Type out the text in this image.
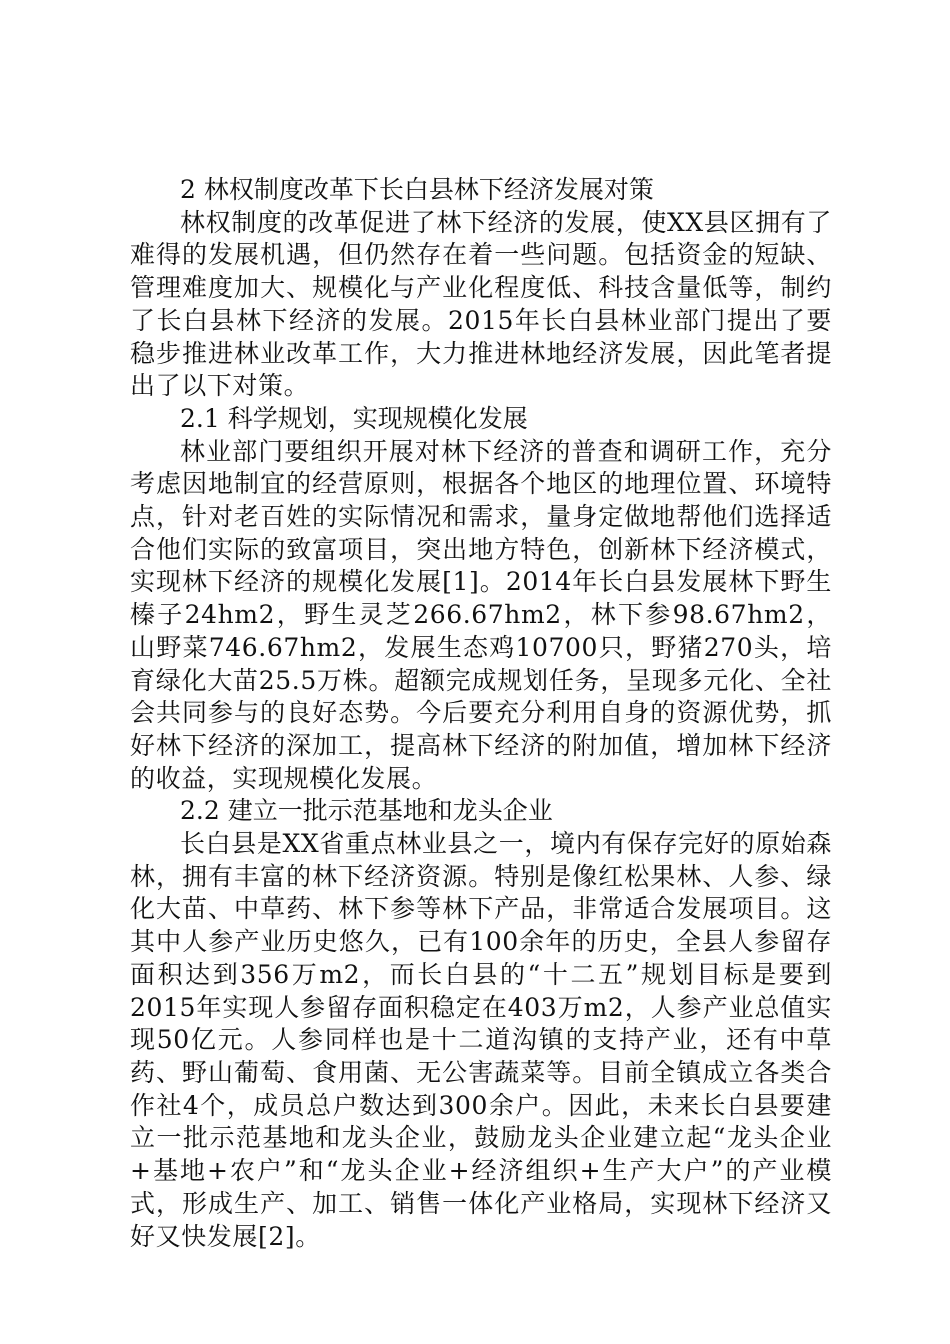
2 林权制度改革下长白县林下经济发展对策

林权制度的改革促进了林下经济的发展，使XX县区拥有了难得的发展机遇，但仍然存在着一些问题。包括资金的短缺、管理难度加大、规模化与产业化程度低、科技含量低等，制约了长白县林下经济的发展。2015年长白县林业部门提出了要稳步推进林业改革工作，大力推进林地经济发展，因此笔者提出了以下对策。

2.1 科学规划，实现规模化发展

林业部门要组织开展对林下经济的普查和调研工作，充分考虑因地制宜的经营原则，根据各个地区的地理位置、环境特点，针对老百姓的实际情况和需求，量身定做地帮他们选择适合他们实际的致富项目，突出地方特色，创新林下经济模式，实现林下经济的规模化发展[1]。2014年长白县发展林下野生榛子24hm2，野生灵芝266.67hm2，林下参98.67hm2，山野菜746.67hm2，发展生态鸡10700只，野猪270头，培育绿化大苗25.5万株。超额完成规划任务，呈现多元化、全社会共同参与的良好态势。今后要充分利用自身的资源优势，抓好林下经济的深加工，提高林下经济的附加值，增加林下经济的收益，实现规模化发展。

2.2 建立一批示范基地和龙头企业

长白县是XX省重点林业县之一，境内有保存完好的原始森林，拥有丰富的林下经济资源。特别是像红松果林、人参、绿化大苗、中草药、林下参等林下产品，非常适合发展项目。这其中人参产业历史悠久，已有100余年的历史，全县人参留存面积达到356万m2，而长白县的“十二五”规划目标是要到2015年实现人参留存面积稳定在403万m2，人参产业总值实现50亿元。人参同样也是十二道沟镇的支持产业，还有中草药、野山葡萄、食用菌、无公害蔬菜等。目前全镇成立各类合作社4个，成员总户数达到300余户。因此，未来长白县要建立一批示范基地和龙头企业，鼓励龙头企业建立起“龙头企业+基地+农户”和“龙头企业+经济组织+生产大户”的产业模式，形成生产、加工、销售一体化产业格局，实现林下经济又好又快发展[2]。
